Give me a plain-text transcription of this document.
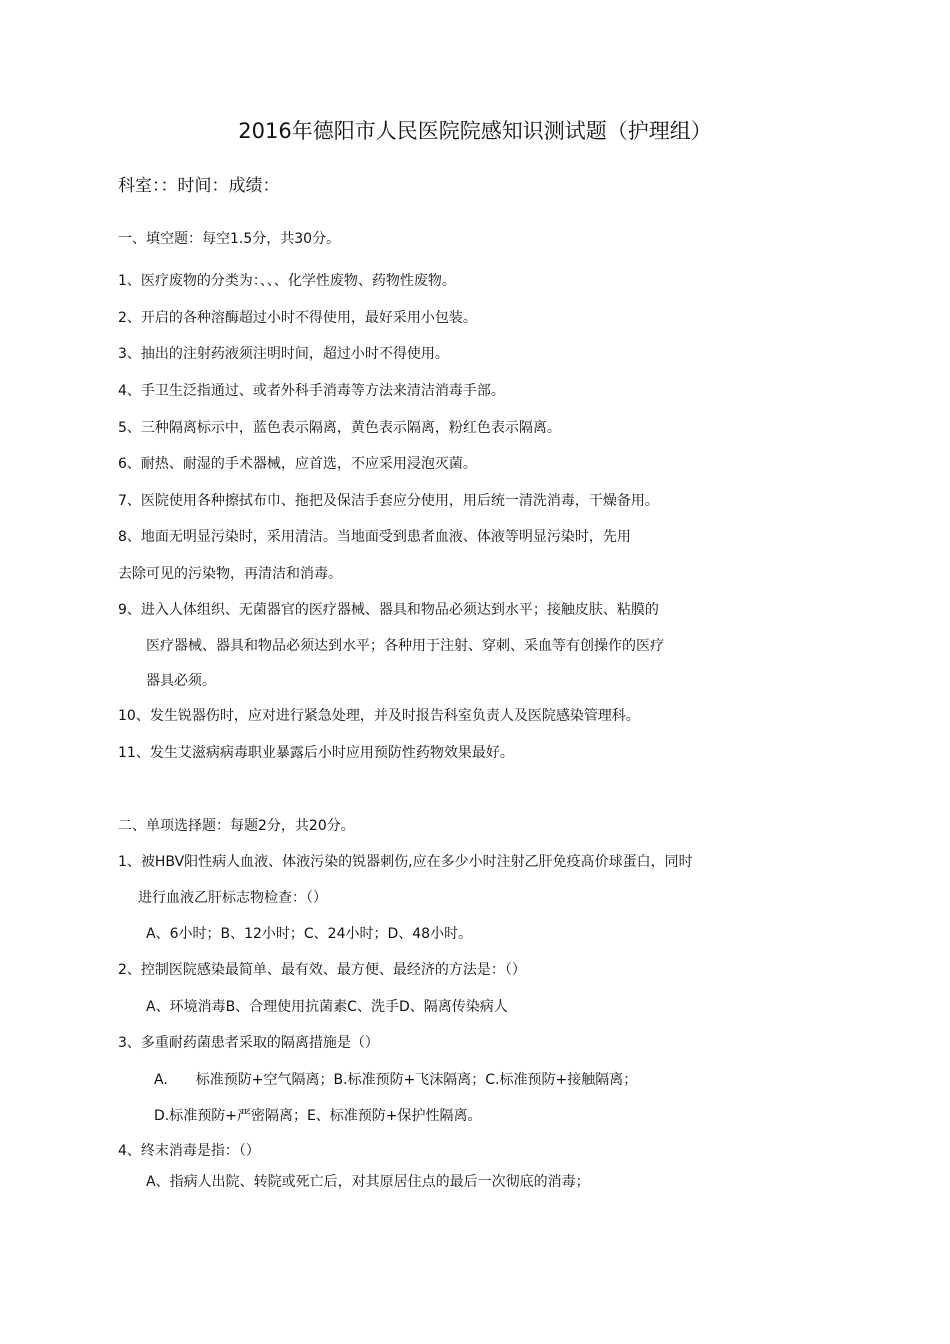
2016年德阳市人民医院院感知识测试题（护理组）
科室：：时间：成绩：
一、填空题：每空1.5分，共30分。
1、医疗废物的分类为：、、、化学性废物、药物性废物。
2、开启的各种溶酶超过小时不得使用，最好采用小包装。
3、抽出的注射药液须注明时间，超过小时不得使用。
4、手卫生泛指通过、或者外科手消毒等方法来清洁消毒手部。
5、三种隔离标示中，蓝色表示隔离，黄色表示隔离，粉红色表示隔离。
6、耐热、耐湿的手术器械，应首选，不应采用浸泡灭菌。
7、医院使用各种擦拭布巾、拖把及保洁手套应分使用，用后统一清洗消毒，干燥备用。
8、地面无明显污染时，采用清洁。当地面受到患者血液、体液等明显污染时，先用
去除可见的污染物，再清洁和消毒。
9、进入人体组织、无菌器官的医疗器械、器具和物品必须达到水平；接触皮肤、粘膜的
医疗器械、器具和物品必须达到水平；各种用于注射、穿刺、采血等有创操作的医疗
器具必须。
10、发生锐器伤时，应对进行紧急处理，并及时报告科室负责人及医院感染管理科。
11、发生艾滋病病毒职业暴露后小时应用预防性药物效果最好。
二、单项选择题：每题2分，共20分。
1、被HBV阳性病人血液、体液污染的锐器刺伤,应在多少小时注射乙肝免疫髙价球蛋白，同时
进行血液乙肝标志物检查：（）
A、6小时；B、12小时；C、24小时；D、48小时。
2、控制医院感染最简单、最有效、最方便、最经济的方法是：（）
A、环境消毒B、合理使用抗菌素C、洗手D、隔离传染病人
3、多重耐药菌患者采取的隔离措施是（）
A.　　标准预防+空气隔离；B.标准预防+飞沫隔离；C.标准预防+接触隔离；
D.标准预防+严密隔离；E、标准预防+保护性隔离。
4、终末消毒是指：（）
A、指病人出院、转院或死亡后，对其原居住点的最后一次彻底的消毒；
